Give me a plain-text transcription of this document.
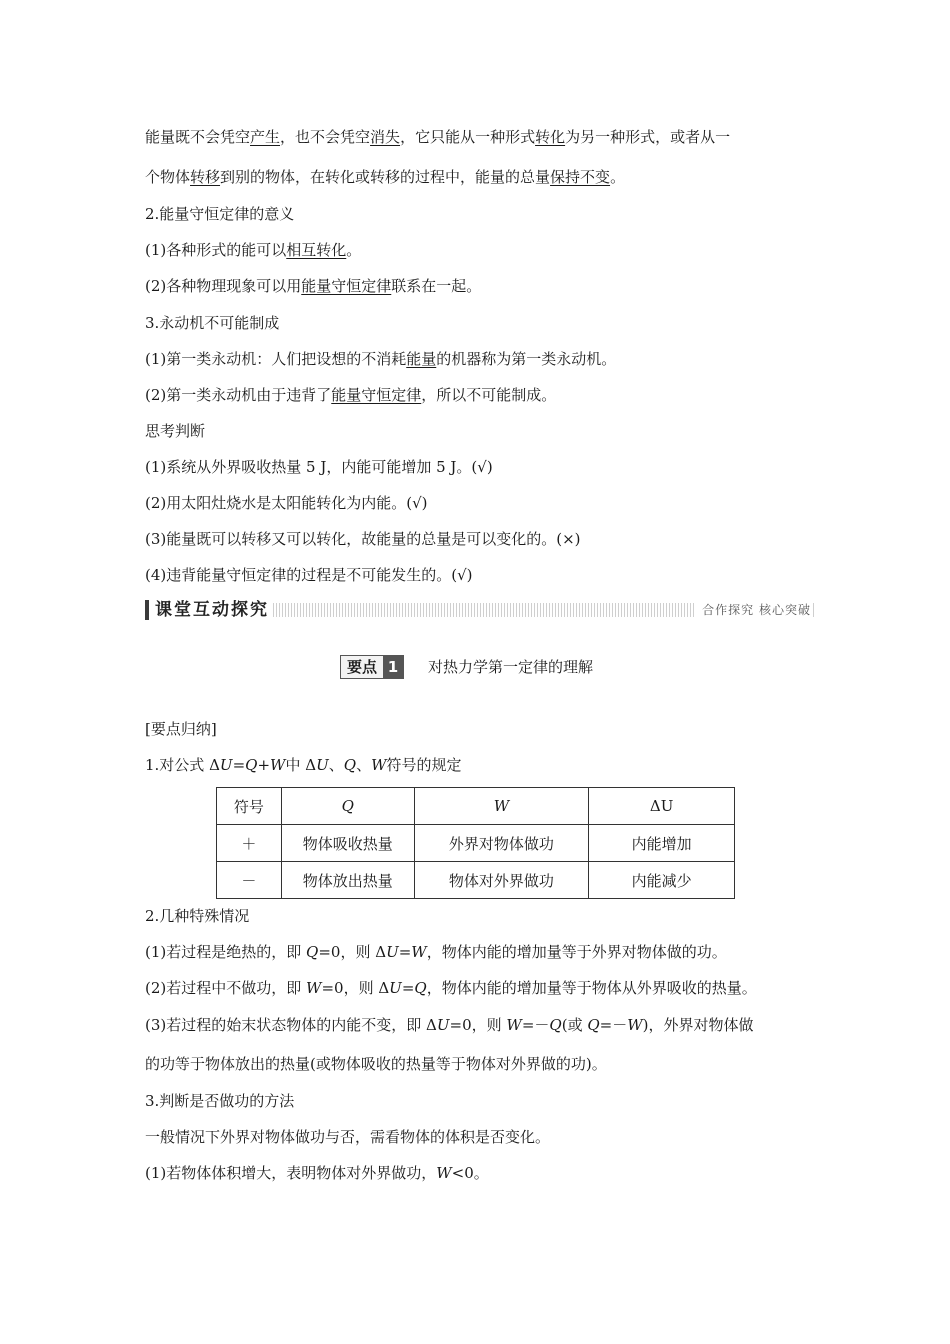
能量既不会凭空产生，也不会凭空消失，它只能从一种形式转化为另一种形式，或者从一
个物体转移到别的物体，在转化或转移的过程中，能量的总量保持不变。
2.能量守恒定律的意义
(1)各种形式的能可以相互转化。
(2)各种物理现象可以用能量守恒定律联系在一起。
3.永动机不可能制成
(1)第一类永动机：人们把设想的不消耗能量的机器称为第一类永动机。
(2)第一类永动机由于违背了能量守恒定律，所以不可能制成。
思考判断
(1)系统从外界吸收热量 5 J，内能可能增加 5 J。(√)
(2)用太阳灶烧水是太阳能转化为内能。(√)
(3)能量既可以转移又可以转化，故能量的总量是可以变化的。(×)
(4)违背能量守恒定律的过程是不可能发生的。(√)
课堂互动探究	合作探究 核心突破
要点 1	对热力学第一定律的理解
[要点归纳]
1.对公式 ΔU=Q+W中 ΔU、Q、W符号的规定
符号	Q	W	ΔU
＋	物体吸收热量	外界对物体做功	内能增加
－	物体放出热量	物体对外界做功	内能减少
2.几种特殊情况
(1)若过程是绝热的，即 Q=0，则 ΔU=W，物体内能的增加量等于外界对物体做的功。
(2)若过程中不做功，即 W=0，则 ΔU=Q，物体内能的增加量等于物体从外界吸收的热量。
(3)若过程的始末状态物体的内能不变，即 ΔU=0，则 W=－Q(或 Q=－W)，外界对物体做
的功等于物体放出的热量(或物体吸收的热量等于物体对外界做的功)。
3.判断是否做功的方法
一般情况下外界对物体做功与否，需看物体的体积是否变化。
(1)若物体体积增大，表明物体对外界做功，W<0。
